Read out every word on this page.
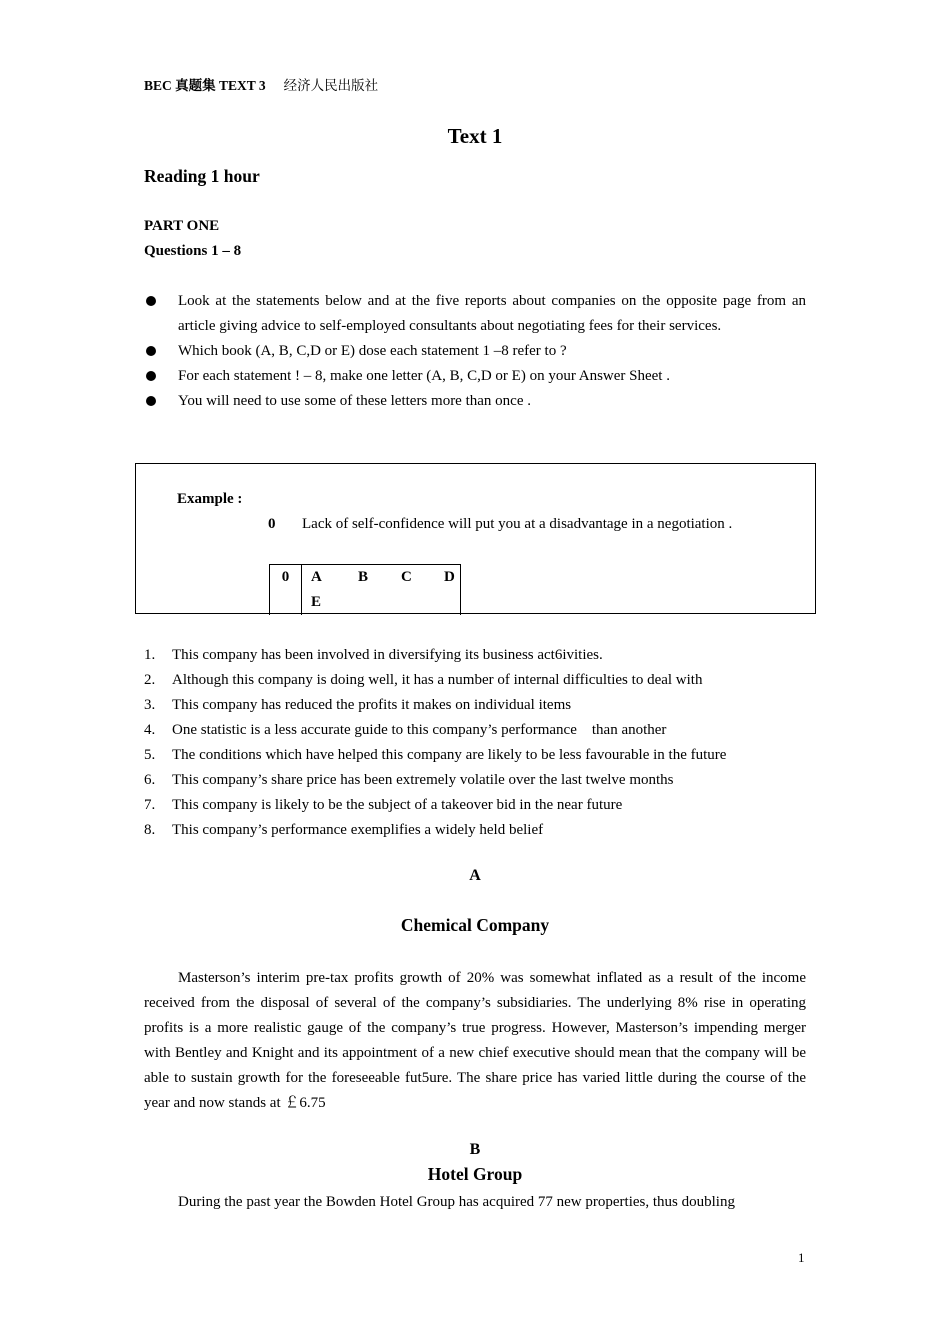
BEC 真题集 TEXT 3 经济人民出版社
Text 1
Reading 1 hour
PART ONE
Questions 1 – 8
Look at the statements below and at the five reports about companies on the opposite page from an article giving advice to self-employed consultants about negotiating fees for their services.
Which book (A, B, C,D or E) dose each statement 1 –8 refer to ?
For each statement ! – 8, make one letter (A, B, C,D or E) on your Answer Sheet .
You will need to use some of these letters more than once .
Example :
0 Lack of self-confidence will put you at a disadvantage in a negotiation .
0	A B C D
E
1. This company has been involved in diversifying its business act6ivities.
2. Although this company is doing well, it has a number of internal difficulties to deal with
3. This company has reduced the profits it makes on individual items
4. One statistic is a less accurate guide to this company’s performance　than another
5. The conditions which have helped this company are likely to be less favourable in the future
6. This company’s share price has been extremely volatile over the last twelve months
7. This company is likely to be the subject of a takeover bid in the near future
8. This company’s performance exemplifies a widely held belief
A
Chemical Company

Masterson’s interim pre-tax profits growth of 20% was somewhat inflated as a result of the income received from the disposal of several of the company’s subsidiaries. The underlying 8% rise in operating profits is a more realistic gauge of the company’s true progress. However, Masterson’s impending merger with Bentley and Knight and its appointment of a new chief executive should mean that the company will be able to sustain growth for the foreseeable fut5ure. The share price has varied little during the course of the year and now stands at ￡6.75

B
Hotel Group

During the past year the Bowden Hotel Group has acquired 77 new properties, thus doubling

1
